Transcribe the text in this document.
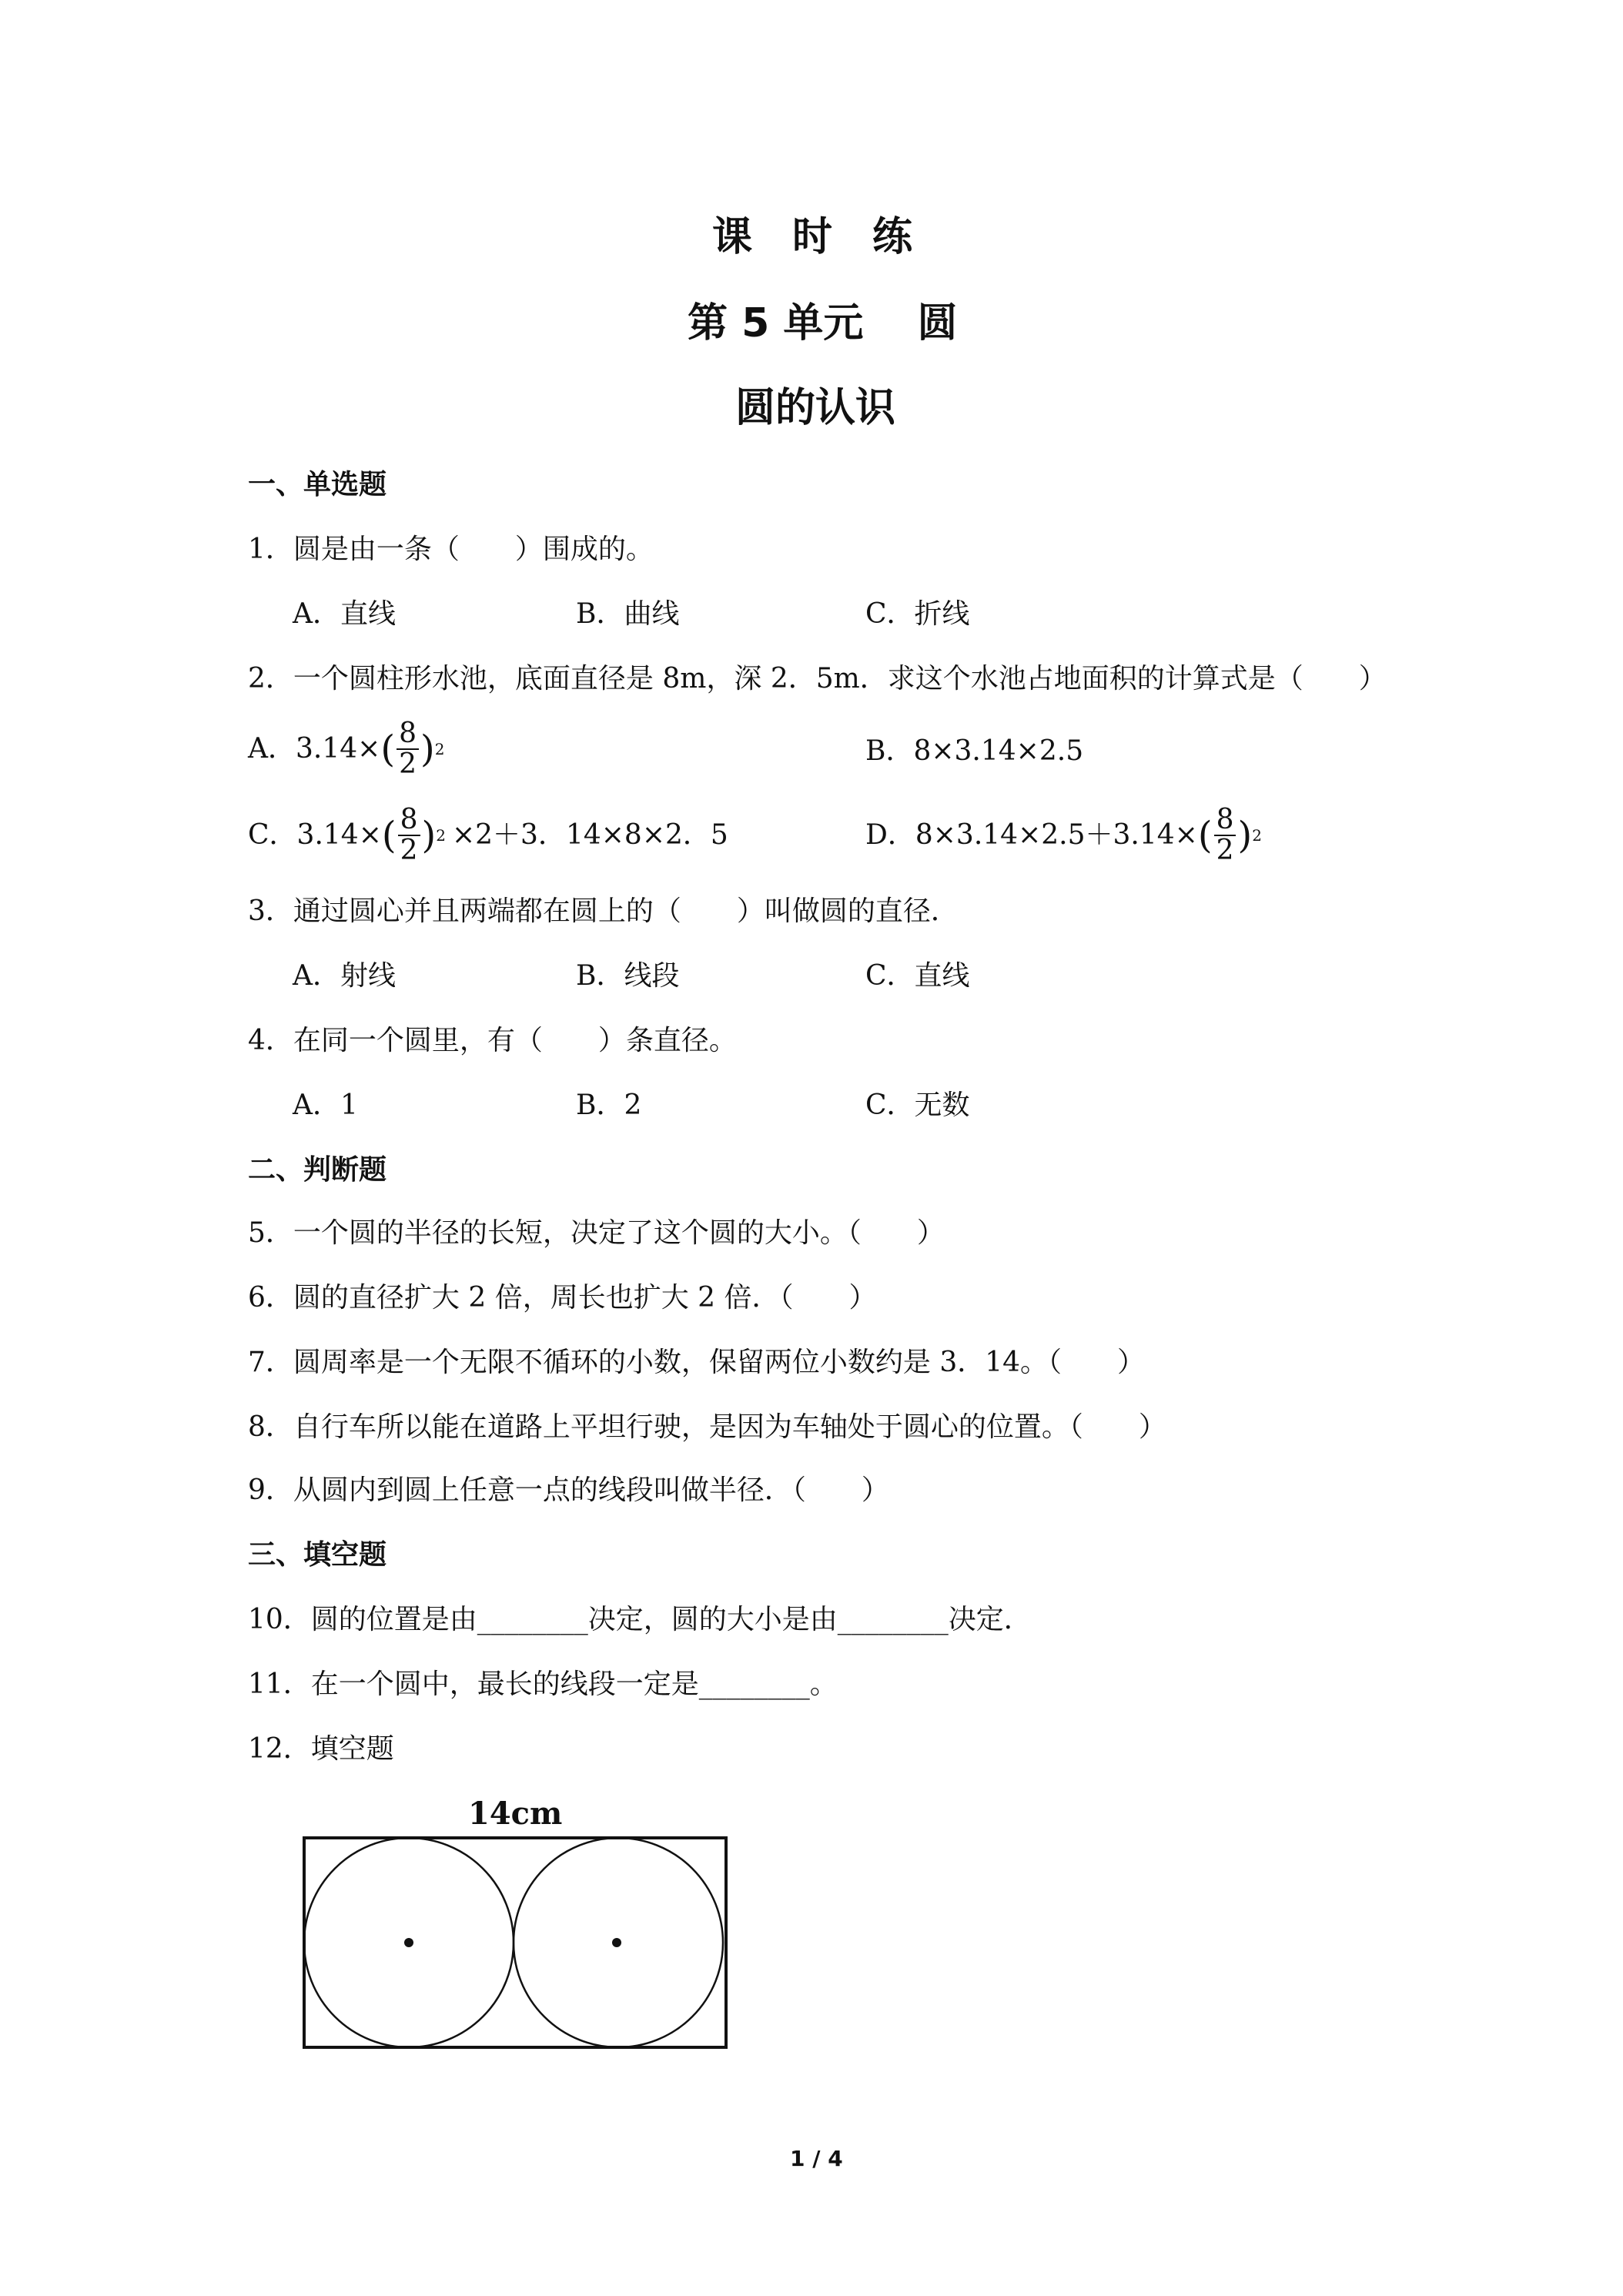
课　时　练
第 5 单元　 圆
圆的认识
一、单选题
1．圆是由一条（　　）围成的。
A．直线	B．曲线	C．折线
2．一个圆柱形水池，底面直径是 8m，深 2．5m．求这个水池占地面积的计算式是（　　）
A．3.14× ( $\frac{8}{2}$ ) 2	B．8×3.14×2.5
C．3.14× ( $\frac{8}{2}$ ) 2 ×2＋3．14×8×2．5	D．8×3.14×2.5＋3.14× ( $\frac{8}{2}$ ) 2
3．通过圆心并且两端都在圆上的（　　）叫做圆的直径．
A．射线	B．线段	C．直线
4．在同一个圆里，有（　　）条直径。
A．1	B．2	C．无数
二、判断题
5．一个圆的半径的长短，决定了这个圆的大小。（　　）
6．圆的直径扩大 2 倍，周长也扩大 2 倍．（　　）
7．圆周率是一个无限不循环的小数，保留两位小数约是 3．14。（　　）
8．自行车所以能在道路上平坦行驶，是因为车轴处于圆心的位置。（　　）
9．从圆内到圆上任意一点的线段叫做半径．（　　）
三、填空题
10．圆的位置是由________决定，圆的大小是由________决定．
11．在一个圆中，最长的线段一定是________。
12．填空题
14cm
1 / 4
